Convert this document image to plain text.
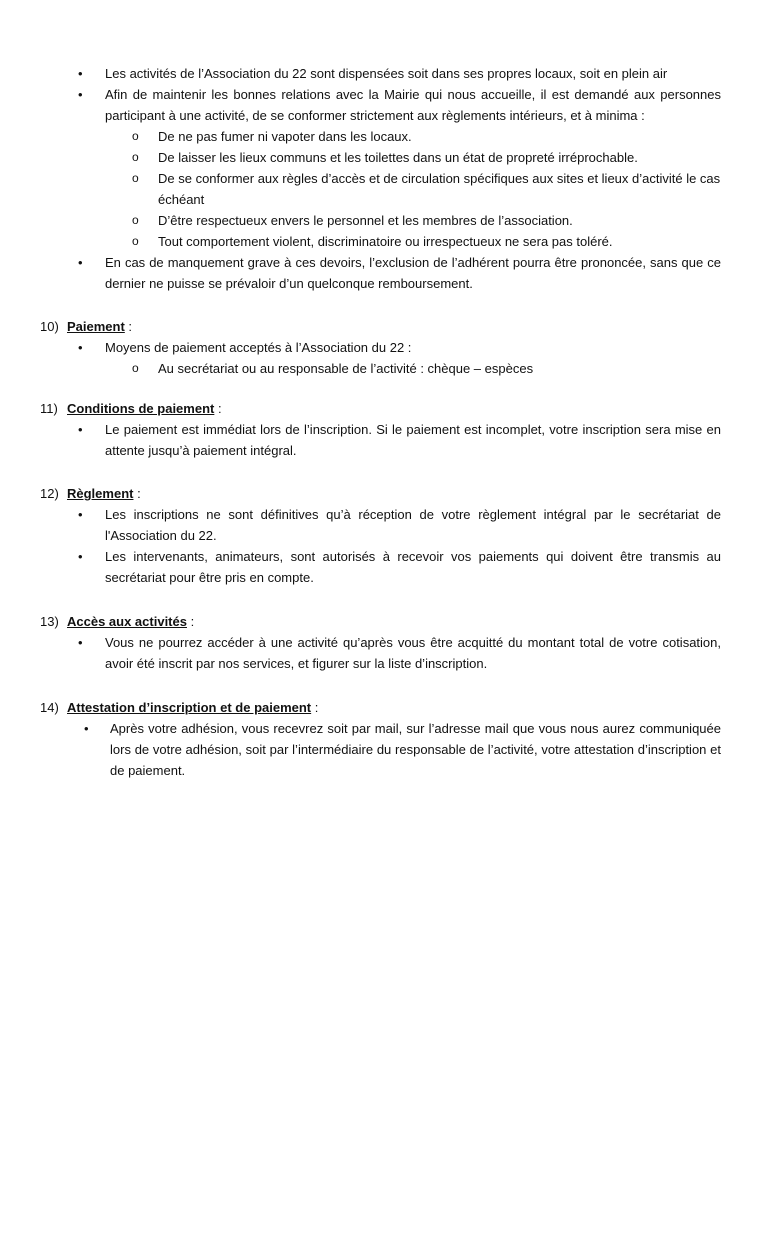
• Les activités de l’Association du 22 sont dispensées soit dans ses propres locaux, soit en plein air
• Afin de maintenir les bonnes relations avec la Mairie qui nous accueille, il est demandé aux personnes participant à une activité, de se conformer strictement aux règlements intérieurs, et à minima :
o De ne pas fumer ni vapoter dans les locaux.
o De laisser les lieux communs et les toilettes dans un état de propreté irréprochable.
o De se conformer aux règles d’accès et de circulation spécifiques aux sites et lieux d’activité le cas échéant
o D’être respectueux envers le personnel et les membres de l’association.
o Tout comportement violent, discriminatoire ou irrespectueux ne sera pas toléré.
• En cas de manquement grave à ces devoirs, l’exclusion de l’adhérent pourra être prononcée, sans que ce dernier ne puisse se prévaloir d’un quelconque remboursement.
10) Paiement :
• Moyens de paiement acceptés à l’Association du 22 :
o Au secrétariat ou au responsable de l’activité : chèque – espèces
11) Conditions de paiement :
• Le paiement est immédiat lors de l’inscription. Si le paiement est incomplet, votre inscription sera mise en attente jusqu’à paiement intégral.
12) Règlement :
• Les inscriptions ne sont définitives qu’à réception de votre règlement intégral par le secrétariat de l'Association du 22.
• Les intervenants, animateurs, sont autorisés à recevoir vos paiements qui doivent être transmis au secrétariat pour être pris en compte.
13) Accès aux activités :
• Vous ne pourrez accéder à une activité qu’après vous être acquitté du montant total de votre cotisation, avoir été inscrit par nos services, et figurer sur la liste d’inscription.
14) Attestation d’inscription et de paiement :
• Après votre adhésion, vous recevrez soit par mail, sur l’adresse mail que vous nous aurez communiquée lors de votre adhésion, soit par l’intermédiaire du responsable de l’activité, votre attestation d’inscription et de paiement.
